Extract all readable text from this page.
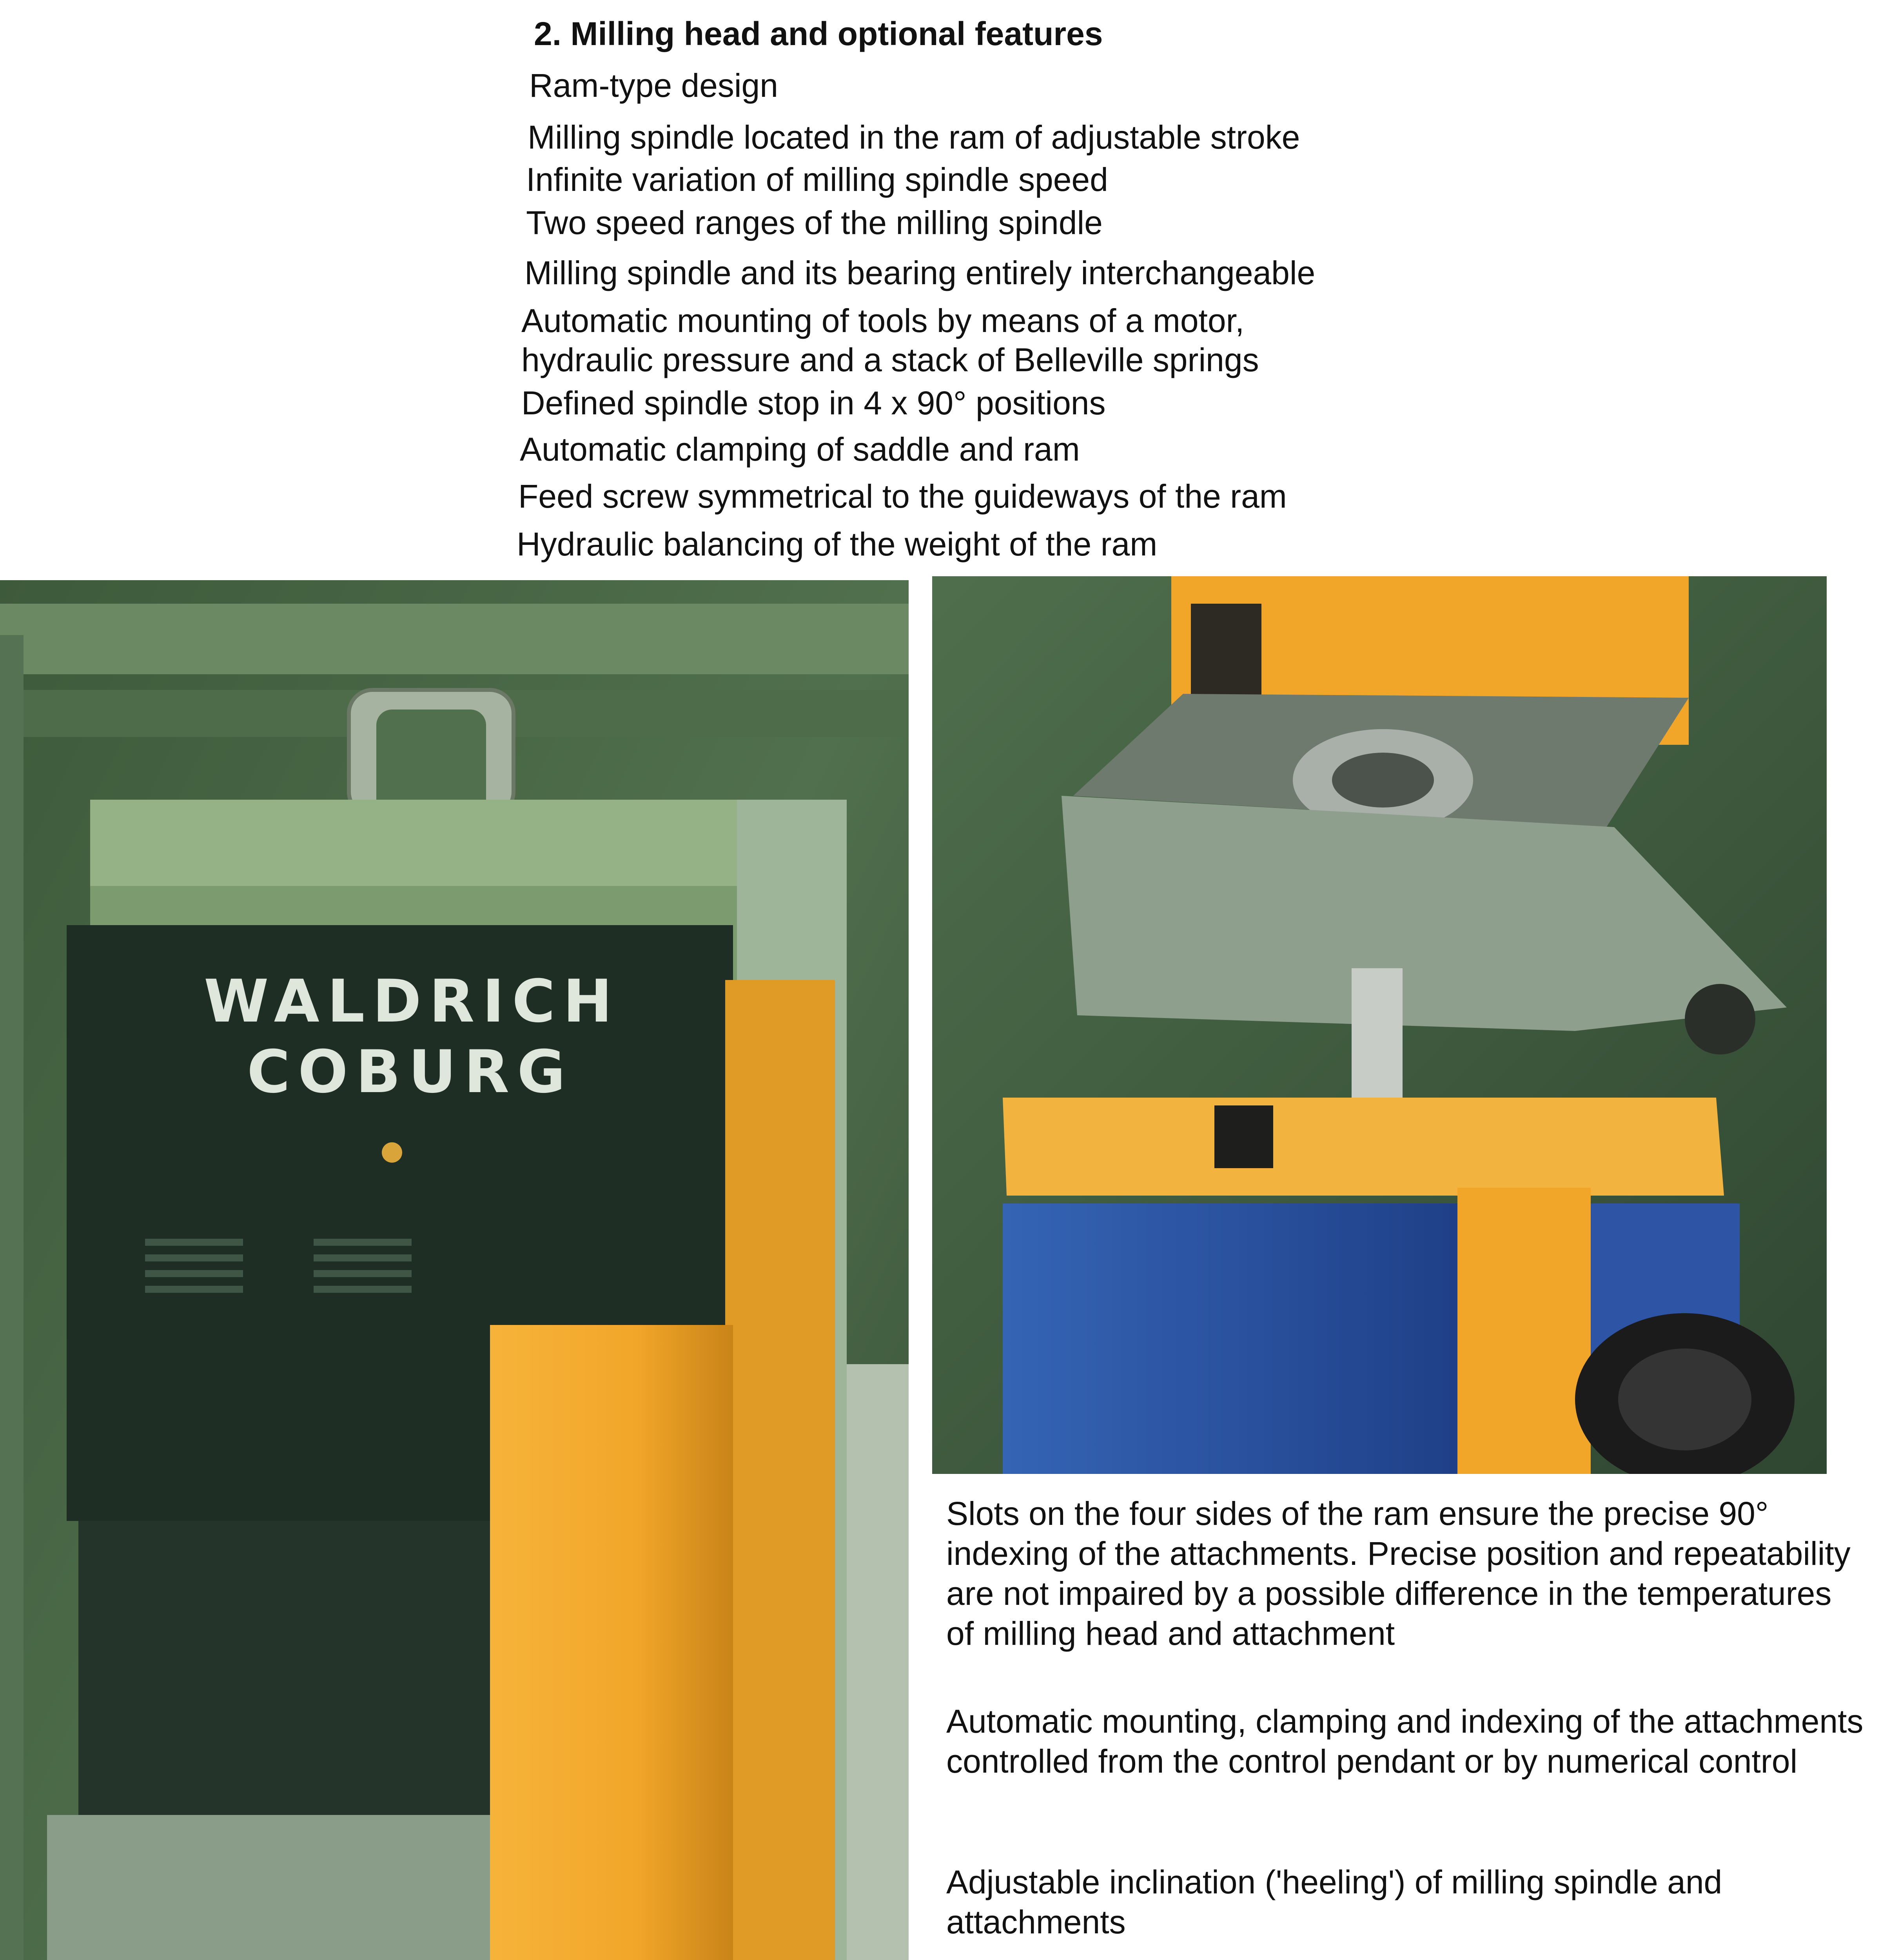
2. Milling head and optional features
Ram-type design
Milling spindle located in the ram of adjustable stroke
Infinite variation of milling spindle speed
Two speed ranges of the milling spindle
Milling spindle and its bearing entirely interchangeable
Automatic mounting of tools by means of a motor,
hydraulic pressure and a stack of Belleville springs
Defined spindle stop in 4 x 90° positions
Automatic clamping of saddle and ram
Feed screw symmetrical to the guideways of the ram
Hydraulic balancing of the weight of the ram
WALDRICH
COBURG

Slots on the four sides of the ram ensure the precise 90° indexing of the attachments. Precise position and repeatability are not impaired by a possible difference in the temperatures of milling head and attachment

Automatic mounting, clamping and indexing of the attachments controlled from the control pendant or by numerical control

Adjustable inclination ('heeling') of milling spindle and attachments
